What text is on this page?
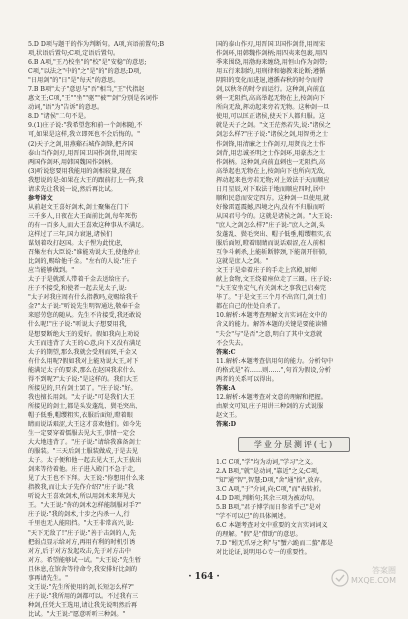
5.D D项与题干的作为判断句。A项,宾语前置句;B

项,状语后置句;C项,定语后置句。

6.B A项,"王乃校坐"的"校"是"安稳"的意思;

C项,"以法之"中的"之"是"的"的意思;D项,

"日用剑"的"日"是"每天"的意思。

7.B B项"太子"意思与"吾"相当,"王"代指赵

惠文王;C项,"王""坐""驱""被""剑"分别是名词作

动词,"语"为"告诉"的意思。

8.D "诸侯"二句不是。

9.(1)庄子说:"我希望您和前一个剑相随,不

可,如果是这样,我立即死也不会后悔的。"

(2)天子之剑,用燕谿石城作剑锋,把齐国

泰山当作剑刃,用晋国卫国作剑背,用周宋

两国作剑环,用韩国魏国作剑柄。

(3)听说您要用我能用的剑相较量,现在

我想说的是:如果在大王的跟前打上一阵,我

请求先让我说一说,然后再比试。

参考译文

从前赵文王喜好剑术,剑士聚集在门下

三千多人,日夜在大王面前比剑,每年死伤

的有一百多人,而大王喜欢这种事从不满足。

这样过了三年,国力衰退,诸侯们

谋划着攻打赵国。太子悝为此忧虑,

召集左右大臣说:"谁能劝说大王,使他停止

比剑的,赐给他千金。"左右的人说:"庄子

应当能够做到。"

太子于是就派人带着千金去送给庄子。

庄子不接受,和使者一起去见太子,说:

"太子对我庄周有什么指教吗,竟赐给我千

金?"太子说:"听说先生明智通达,敬奉千金

来慰劳您的随从。先生不肯接受,我还敢说

什么呢!"庄子说:"听说太子想要用我,

是想要断绝大王的爱好。假如我向上劝说

大王而违背了大王的心意,向下又没有满足

太子的期望,那么我就会受刑而死,千金又

有什么用呢?假如我对上能劝说大王,对下

能满足太子的要求,那么在赵国我求什么

得不到呢?"太子说:"是这样的。我们大王

所接见的,只有剑士罢了。"庄子说:"好。

我也擅长用剑。"太子说:"可是我们大王

所接见的剑士,都是头发蓬乱、鬓毛突出、

帽子低垂,帽缨粗实,衣服后面短,瞪着眼

睛而说话艰涩,大王这才喜欢他们。如今先

生一定要穿着儒服去见大王,事情一定会

大大地违背了。"庄子说:"请给我准备剑士

的服装。"三天后剑士服装做成,于是去见

太子。太子便和他一起去见大王,大王拔出

剑来等待着他。庄子进入殿门不急于走,

见了大王也不下拜。大王说:"你想用什么来

指教我,而让太子先作介绍?"庄子说:"我

听说大王喜欢剑术,所以用剑术来拜见大

王。"大王说:"你的剑术怎样能制服对手?"

庄子说:"我的剑术,十步之内杀一人,行

千里也无人能阻挡。"大王非常高兴,说:

"天下无敌了!"庄子说:"善于击剑的人,先

把弱点显示给对方,再用有利的时机引诱

对方,后于对方发起攻击,先于对方击中

对方。希望能够试一试。"大王说:"先生暂

且休息,在馆舍等待命令,我安排好比剑的

事再请先生。"

文王说:"先生所使用的剑,长短怎么样?"

庄子说:"我所用的剑都可以。不过我有三

种剑,任凭大王选用,请让我先说明然后再

比试。"大王说:"愿意听听三种剑。"

国的泰山作刃,用晋国卫国作剑背,用周宋

作剑环,用韩魏作剑柄;用四夷来包裹,用四

季来围绕,用渤海来缠绕,用恒山作为剑带;

用五行来制约,用刑律和德教来论断;遵循

阴阳的变化而进退,遵循春秋的时令而持

剑,以秋冬的时令而运行。这种剑,向前直

刺一无阻挡,高高举起无物在上,按剑向下

所向无敌,挥动起来旁若无物。这种剑一旦

使用,可以匡正诸侯,使天下人都归服。这

就是天子之剑。"文王茫然若失,说:"诸侯之

剑怎么样?"庄子说:"诸侯之剑,用智勇之士

作剑锋,用清廉之士作剑刃,用贤良之士作

剑背,用忠诚圣明之士作剑环,用豪杰之士

作剑柄。这种剑,向前直刺也一无阻挡,高

高举起也无物在上,按剑向下也所向无敌,

挥动起来也旁若无物;对上效法于天而顺应

日月星辰,对下取法于地而顺应四时,居中

顺和民意而安定四方。这种剑一旦使用,就

好像雷霆震撼,四境之内,没有不归服而听

从国君号令的。这就是诸侯之剑。"大王说:

"庶人之剑怎么样?"庄子说:"庶人之剑,头

发蓬乱、鬓毛突出、帽子低垂,帽缨粗实,衣

服后面短,瞪着眼睛而说话艰涩,在人前相

互争斗刺杀,上能斩断脖颈,下能剖开肝肺,

这就是庶人之剑。"

文王于是牵着庄子的手走上宫殿,厨师

献上食物,文王绕着座位走了三圈。庄子说:

"大王安坐定气,有关剑术之事我已启奏完

毕了。"于是文王三个月不出宫门,剑士们

都在自己的住处自杀了。

10.解析:本题考查理解文言实词在文中的

含义的能力。解答本题的关键是要能读懂

"夫会"与"是否"之意,明白了其中文意就

不会失去。

答案:C

11.解析:本题考查信用句的能力。分析句中

的格式是"若……则……",句首为假设,分析

两者的关系可以得出。

答案:A

12.解析:本题考查对文意的理解和把握。

由原文可知,庄子用讲三种剑的方式说服

赵文王。

答案:D

学业分层测评(七)

1.C C项,"学"均为动词,"学习"之义。

2.A B项,"就"是动词,"靠近"之义;C项,

"知"通"智",智慧;D项,"舍"通"捨",放弃。

3.C A项,"于"介词,向;C项,"而"表转折。

4.D D项,判断句;其余三项为被动句。

5.B B项,"君子博学而日参省乎己"是对

"学不可以已"的具体阐述。

6.C 本题考查对文中重要的文言实词词义

的理解。"假"是"借助"的意思。

7.D "蚓无爪牙之利"与"蟹六跪而二螯"都是

对比论证,说明用心专一的重要性。

· 164 ·
答案圈
MXQE.COM
